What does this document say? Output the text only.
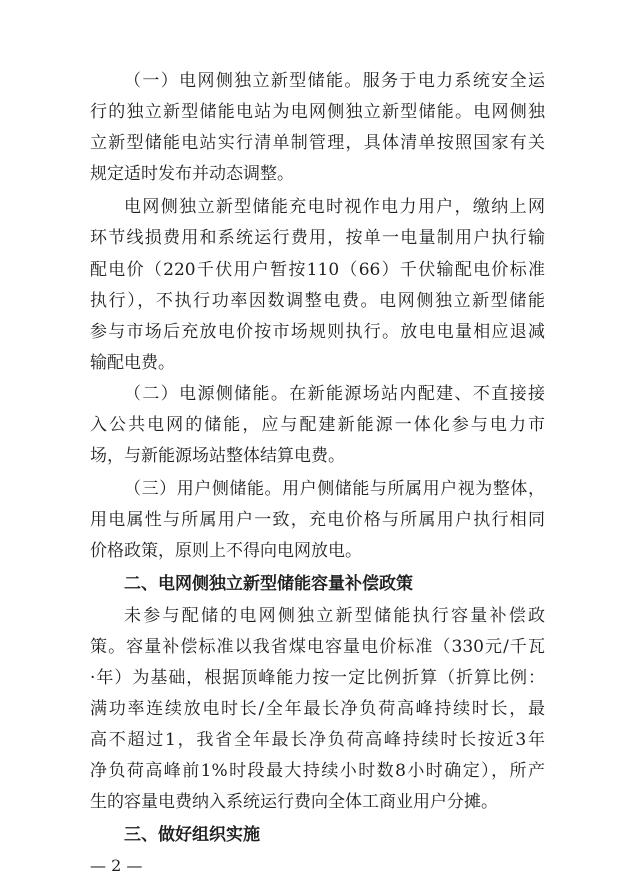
（一）电网侧独立新型储能。服务于电力系统安全运
行的独立新型储能电站为电网侧独立新型储能。电网侧独
立新型储能电站实行清单制管理，具体清单按照国家有关
规定适时发布并动态调整。
电网侧独立新型储能充电时视作电力用户，缴纳上网
环节线损费用和系统运行费用，按单一电量制用户执行输
配电价（220千伏用户暂按110（66）千伏输配电价标准
执行），不执行功率因数调整电费。电网侧独立新型储能
参与市场后充放电价按市场规则执行。放电电量相应退减
输配电费。
（二）电源侧储能。在新能源场站内配建、不直接接
入公共电网的储能，应与配建新能源一体化参与电力市
场，与新能源场站整体结算电费。
（三）用户侧储能。用户侧储能与所属用户视为整体，
用电属性与所属用户一致，充电价格与所属用户执行相同
价格政策，原则上不得向电网放电。
二、电网侧独立新型储能容量补偿政策
未参与配储的电网侧独立新型储能执行容量补偿政
策。容量补偿标准以我省煤电容量电价标准（330元/千瓦
·年）为基础，根据顶峰能力按一定比例折算（折算比例：
满功率连续放电时长/全年最长净负荷高峰持续时长，最
高不超过1，我省全年最长净负荷高峰持续时长按近3年
净负荷高峰前1%时段最大持续小时数8小时确定），所产
— 2 —
生的容量电费纳入系统运行费向全体工商业用户分摊。
三、做好组织实施
